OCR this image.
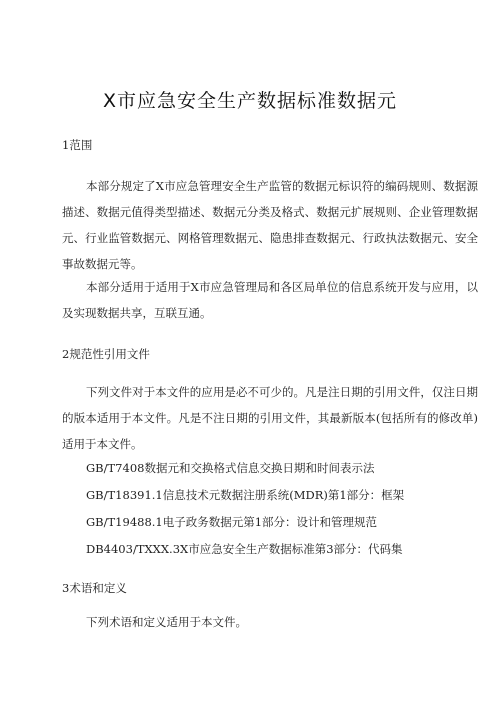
X市应急安全生产数据标准数据元
1范围
本部分规定了X市应急管理安全生产监管的数据元标识符的编码规则、数据源描述、数据元值得类型描述、数据元分类及格式、数据元扩展规则、企业管理数据元、行业监管数据元、网格管理数据元、隐患排查数据元、行政执法数据元、安全事故数据元等。
本部分适用于适用于X市应急管理局和各区局单位的信息系统开发与应用，以及实现数据共享，互联互通。
2规范性引用文件
下列文件对于本文件的应用是必不可少的。凡是注日期的引用文件，仅注日期的版本适用于本文件。凡是不注日期的引用文件，其最新版本(包括所有的修改单)适用于本文件。
GB/T7408数据元和交换格式信息交换日期和时间表示法
GB/T18391.1信息技术元数据注册系统(MDR)第1部分：框架
GB/T19488.1电子政务数据元第1部分：设计和管理规范
DB4403/TXXX.3X市应急安全生产数据标准第3部分：代码集
3术语和定义
下列术语和定义适用于本文件。
